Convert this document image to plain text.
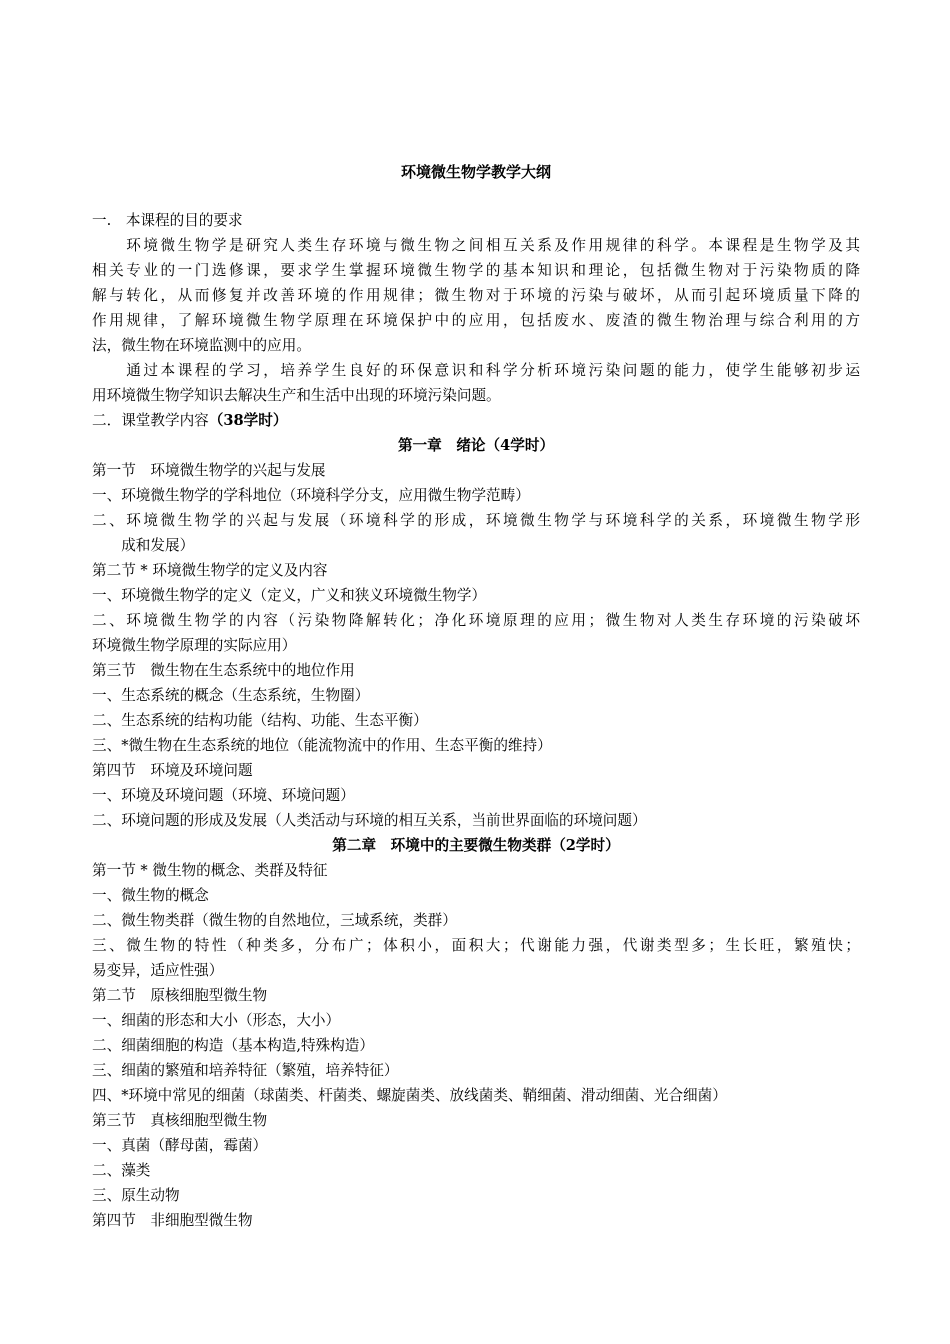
环境微生物学教学大纲
一.　本课程的目的要求
　　环境微生物学是研究人类生存环境与微生物之间相互关系及作用规律的科学。本课程是生物学及其
相关专业的一门选修课，要求学生掌握环境微生物学的基本知识和理论，包括微生物对于污染物质的降
解与转化，从而修复并改善环境的作用规律；微生物对于环境的污染与破坏，从而引起环境质量下降的
作用规律，了解环境微生物学原理在环境保护中的应用，包括废水、废渣的微生物治理与综合利用的方
法，微生物在环境监测中的应用。
　　通过本课程的学习，培养学生良好的环保意识和科学分析环境污染问题的能力，使学生能够初步运
用环境微生物学知识去解决生产和生活中出现的环境污染问题。
二．课堂教学内容（38学时）
第一章　绪论（4学时）
第一节　环境微生物学的兴起与发展
一、环境微生物学的学科地位（环境科学分支，应用微生物学范畴）
二、环境微生物学的兴起与发展（环境科学的形成，环境微生物学与环境科学的关系，环境微生物学形
　　成和发展）
第二节 * 环境微生物学的定义及内容
一、环境微生物学的定义（定义，广义和狭义环境微生物学）
二、环境微生物学的内容（污染物降解转化；净化环境原理的应用；微生物对人类生存环境的污染破坏
环境微生物学原理的实际应用）
第三节　微生物在生态系统中的地位作用
一、生态系统的概念（生态系统，生物圈）
二、生态系统的结构功能（结构、功能、生态平衡）
三、*微生物在生态系统的地位（能流物流中的作用、生态平衡的维持）
第四节　环境及环境问题
一、环境及环境问题（环境、环境问题）
二、环境问题的形成及发展（人类活动与环境的相互关系，当前世界面临的环境问题）
第二章　环境中的主要微生物类群（2学时）
第一节 * 微生物的概念、类群及特征
一、微生物的概念
二、微生物类群（微生物的自然地位，三域系统，类群）
三、微生物的特性（种类多，分布广；体积小，面积大；代谢能力强，代谢类型多；生长旺，繁殖快；
易变异，适应性强）
第二节　原核细胞型微生物
一、细菌的形态和大小（形态，大小）
二、细菌细胞的构造（基本构造,特殊构造）
三、细菌的繁殖和培养特征（繁殖，培养特征）
四、*环境中常见的细菌（球菌类、杆菌类、螺旋菌类、放线菌类、鞘细菌、滑动细菌、光合细菌）
第三节　真核细胞型微生物
一、真菌（酵母菌，霉菌）
二、藻类
三、原生动物
第四节　非细胞型微生物
